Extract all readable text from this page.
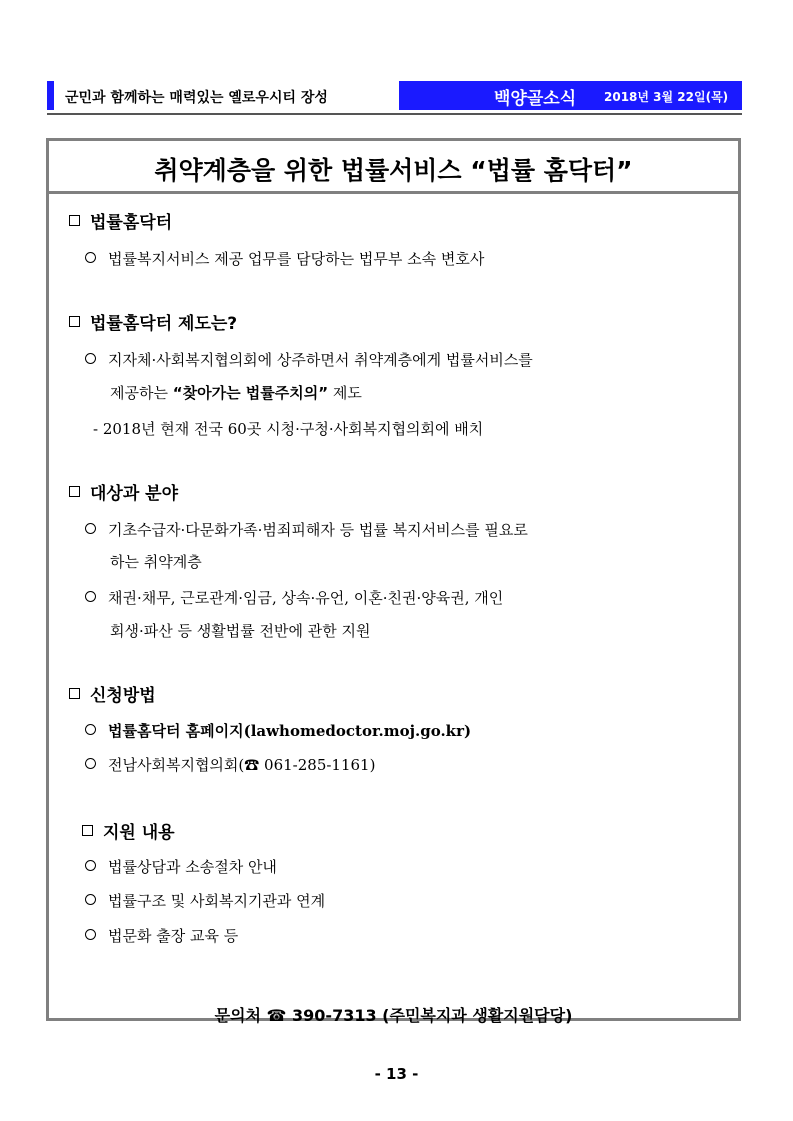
군민과 함께하는 매력있는 옐로우시티 장성	백양골소식 2018년 3월 22일(목)
취약계층을 위한 법률서비스 “법률 홈닥터”
법률홈닥터
법률복지서비스 제공 업무를 담당하는 법무부 소속 변호사
법률홈닥터 제도는?
지자체·사회복지협의회에 상주하면서 취약계층에게 법률서비스를
제공하는 “찾아가는 법률주치의” 제도
- 2018년 현재 전국 60곳 시청·구청·사회복지협의회에 배치
대상과 분야
기초수급자·다문화가족·범죄피해자 등 법률 복지서비스를 필요로
하는 취약계층
채권·채무, 근로관계·임금, 상속·유언, 이혼·친권·양육권, 개인
회생·파산 등 생활법률 전반에 관한 지원
신청방법
법률홈닥터 홈페이지(lawhomedoctor.moj.go.kr)
전남사회복지협의회(☎ 061-285-1161)
지원 내용
법률상담과 소송절차 안내
법률구조 및 사회복지기관과 연계
법문화 출장 교육 등
문의처 ☎ 390-7313 (주민복지과 생활지원담당)
- 13 -
